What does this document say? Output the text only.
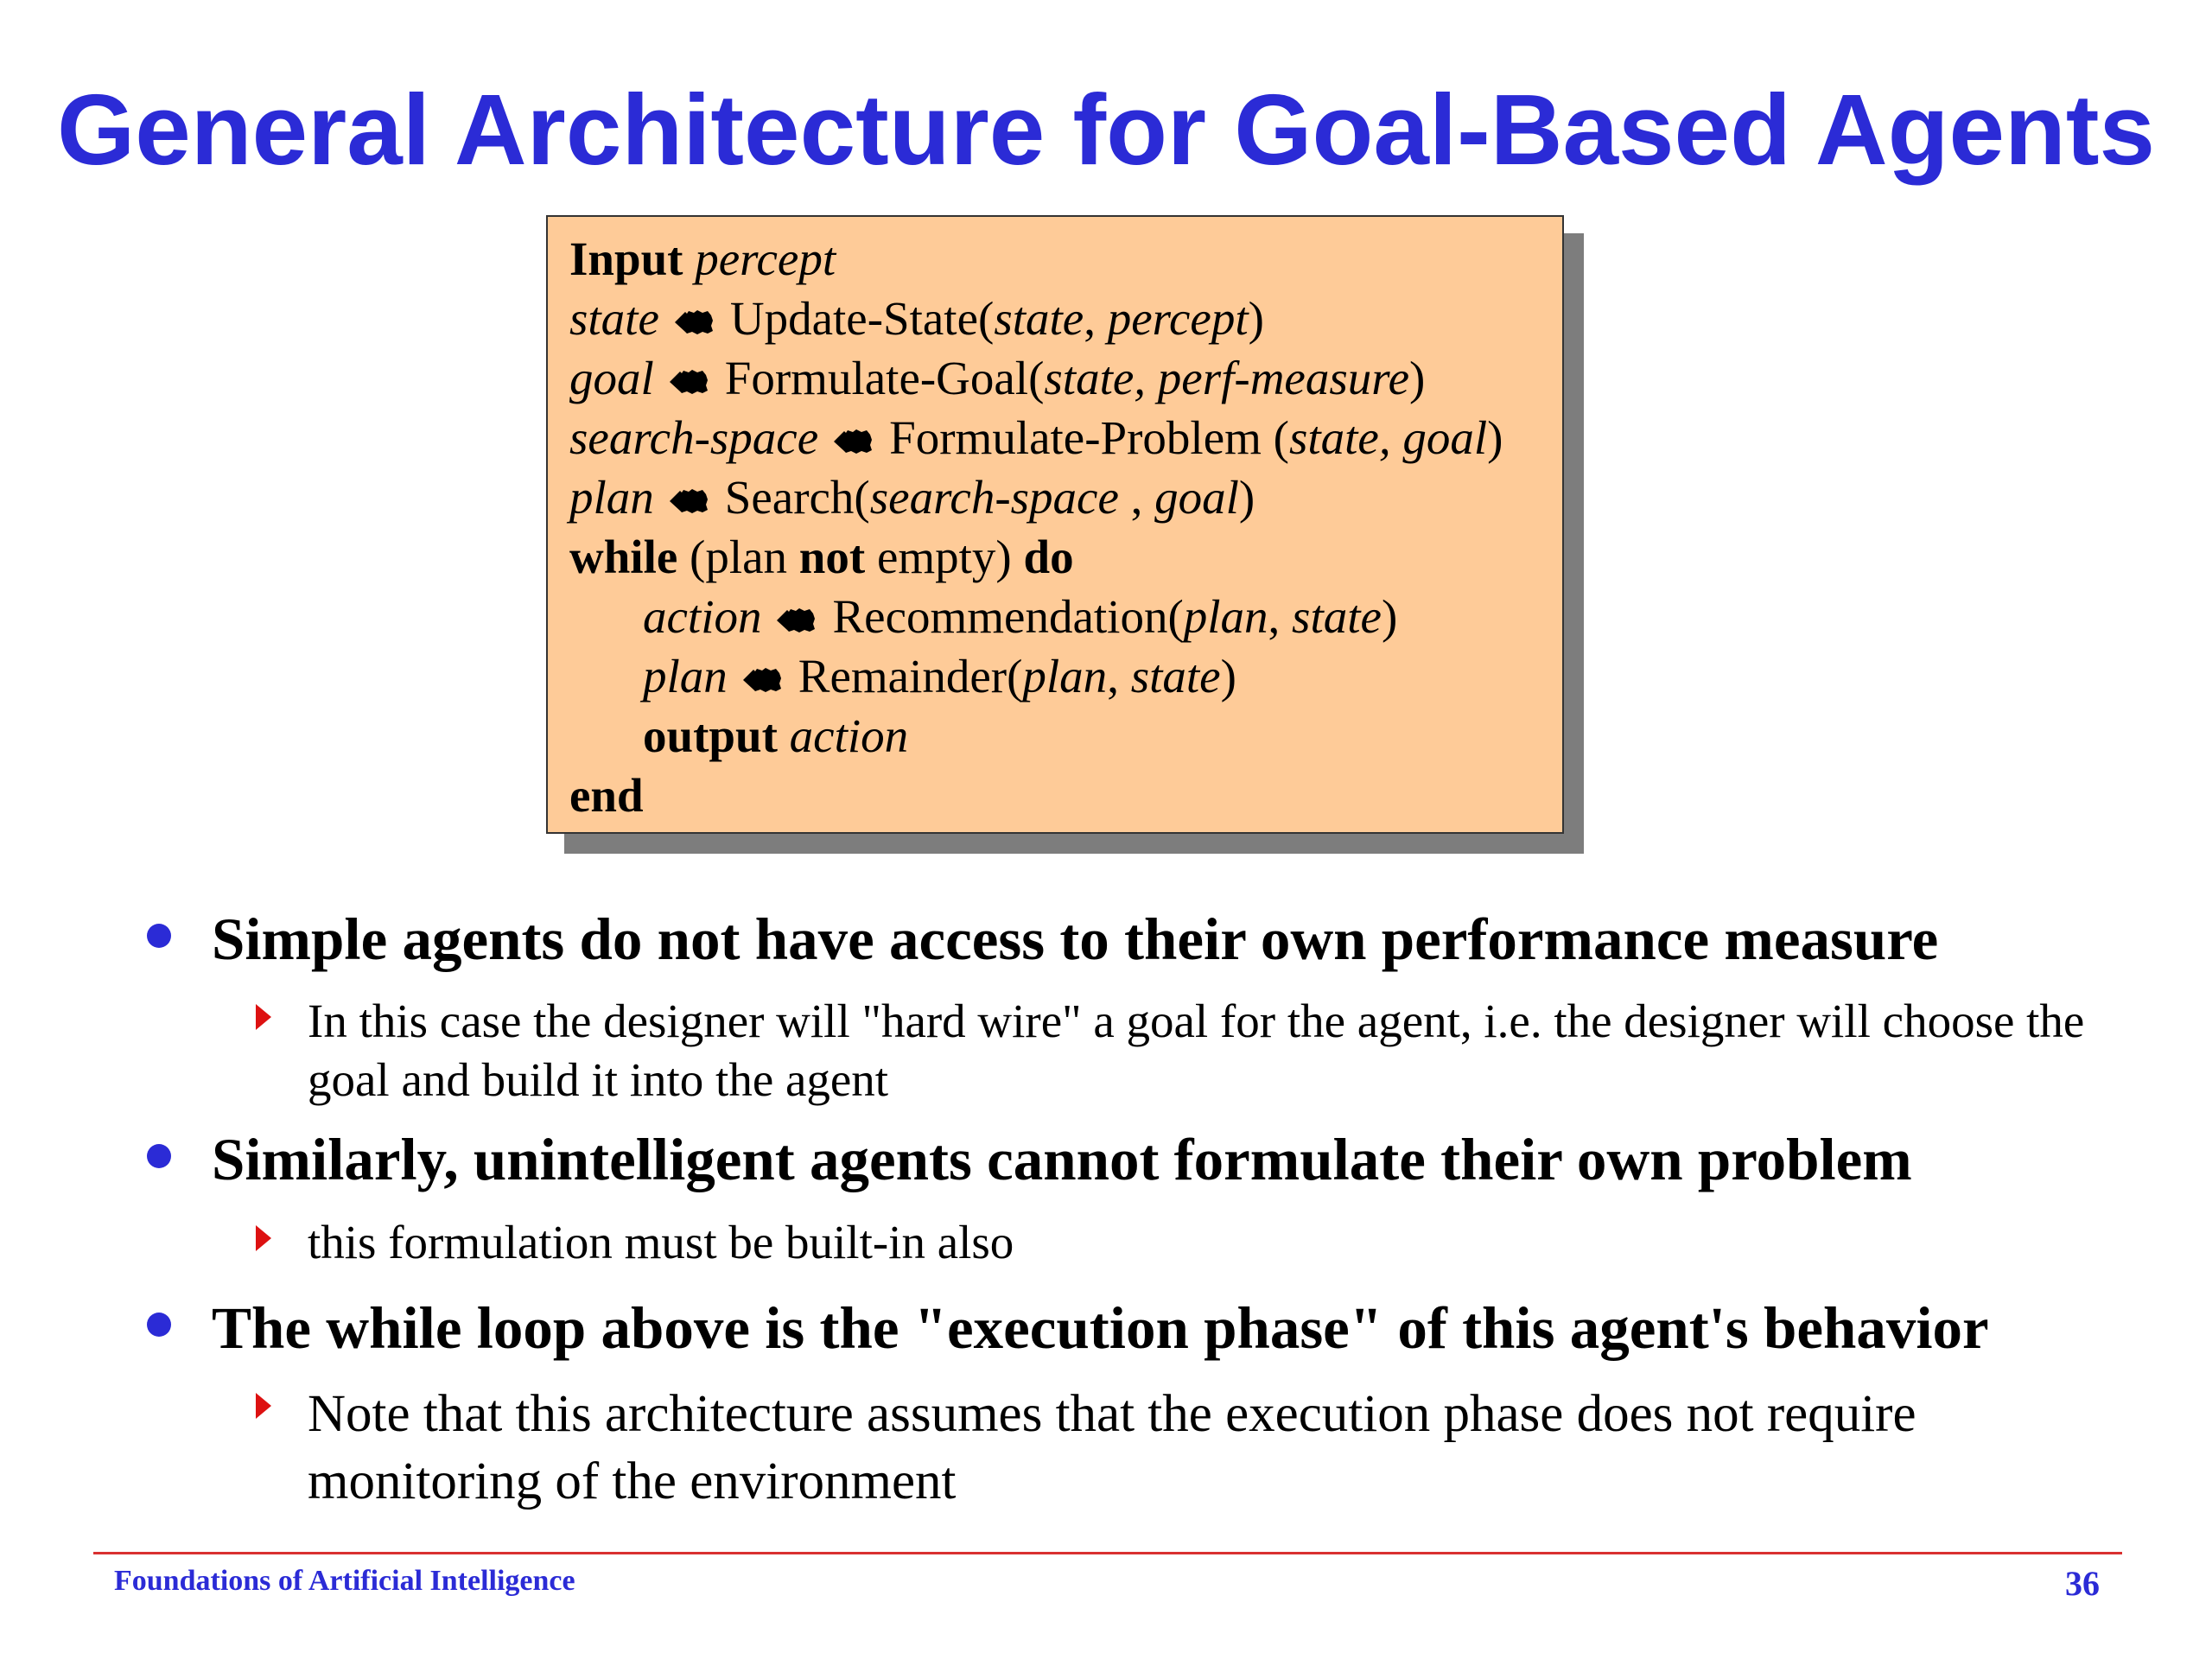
General Architecture for Goal-Based Agents
Input percept
state Update-State(state, percept)
goal Formulate-Goal(state, perf-measure)
search-space Formulate-Problem (state, goal)
plan Search(search-space , goal)
while (plan not empty) do
action Recommendation(plan, state)
plan Remainder(plan, state)
output action
end
Simple agents do not have access to their own performance measure
In this case the designer will "hard wire" a goal for the agent, i.e. the designer will choose the goal and build it into the agent
Similarly, unintelligent agents cannot formulate their own problem
this formulation must be built-in also
The while loop above is the "execution phase" of this agent's behavior
Note that this architecture assumes that the execution phase does not require monitoring of the environment
Foundations of Artificial Intelligence	36
